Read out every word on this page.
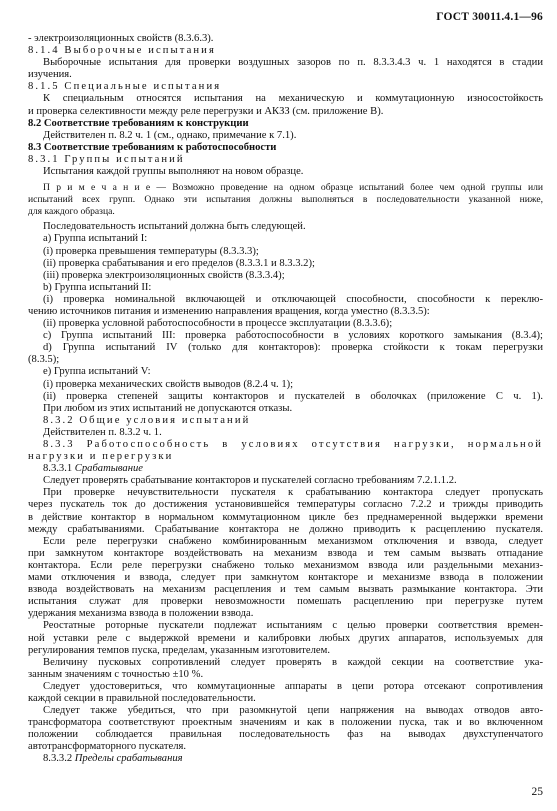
ГОСТ 30011.4.1—96
- электроизоляционных свойств (8.3.6.3).
8.1.4 Выборочные испытания
Выборочные испытания для проверки воздушных зазоров по п. 8.3.3.4.3 ч. 1 находятся в стадии
изучения.
8.1.5 Специальные испытания
К специальным относятся испытания на механическую и коммутационную износостойкость
и проверка селективности между реле перегрузки и АКЗЗ (см. приложение В).
8.2 Соответствие требованиям к конструкции
Действителен п. 8.2 ч. 1 (см., однако, примечание к 7.1).
8.3 Соответствие требованиям к работоспособности
8.3.1 Группы испытаний
Испытания каждой группы выполняют на новом образце.
П р и м е ч а н и е — Возможно проведение на одном образце испытаний более чем одной группы или
испытаний всех групп. Однако эти испытания должны выполняться в последовательности указанной ниже,
для каждого образца.
Последовательность испытаний должна быть следующей.
а) Группа испытаний I:
(i) проверка превышения температуры (8.3.3.3);
(ii) проверка срабатывания и его пределов (8.3.3.1 и 8.3.3.2);
(iii) проверка электроизоляционных свойств (8.3.3.4);
b) Группа испытаний II:
(i) проверка номинальной включающей и отключающей способности, способности к переклю-
чению источников питания и изменению направления вращения, когда уместно (8.3.3.5):
(ii) проверка условной работоспособности в процессе эксплуатации (8.3.3.6);
c) Группа испытаний III: проверка работоспособности в условиях короткого замыкания (8.3.4);
d) Группа испытаний IV (только для контакторов): проверка стойкости к токам перегрузки
(8.3.5);
e) Группа испытаний V:
(i) проверка механических свойств выводов (8.2.4 ч. 1);
(ii) проверка степеней защиты контакторов и пускателей в оболочках (приложение С ч. 1).
При любом из этих испытаний не допускаются отказы.
8.3.2 Общие условия испытаний
Действителен п. 8.3.2 ч. 1.
8.3.3 Работоспособность в условиях отсутствия нагрузки, нормальной
нагрузки и перегрузки
8.3.3.1 Срабатывание
Следует проверять срабатывание контакторов и пускателей согласно требованиям 7.2.1.1.2.
При проверке нечувствительности пускателя к срабатыванию контактора следует пропускать
через пускатель ток до достижения установившейся температуры согласно 7.2.2 и трижды приводить
в действие контактор в нормальном коммутационном цикле без преднамеренной выдержки времени
между срабатываниями. Срабатывание контактора не должно приводить к расцеплению пускателя.
Если реле перегрузки снабжено комбинированным механизмом отключения и взвода, следует
при замкнутом контакторе воздействовать на механизм взвода и тем самым вызвать отпадание
контактора. Если реле перегрузки снабжено только механизмом взвода или раздельными механиз-
мами отключения и взвода, следует при замкнутом контакторе и механизме взвода в положении
взвода воздействовать на механизм расцепления и тем самым вызвать размыкание контактора. Эти
испытания служат для проверки невозможности помешать расцеплению при перегрузке путем
удержания механизма взвода в положении взвода.
Реостатные роторные пускатели подлежат испытаниям с целью проверки соответствия времен-
ной уставки реле с выдержкой времени и калибровки любых других аппаратов, используемых для
регулирования темпов пуска, пределам, указанным изготовителем.
Величину пусковых сопротивлений следует проверять в каждой секции на соответствие ука-
занным значениям с точностью ±10 %.
Следует удостовериться, что коммутационные аппараты в цепи ротора отсекают сопротивления
каждой секции в правильной последовательности.
Следует также убедиться, что при разомкнутой цепи напряжения на выводах отводов авто-
трансформатора соответствуют проектным значениям и как в положении пуска, так и во включенном
положении соблюдается правильная последовательность фаз на выводах двухступенчатого
автотрансформаторного пускателя.
8.3.3.2 Пределы срабатывания
25
